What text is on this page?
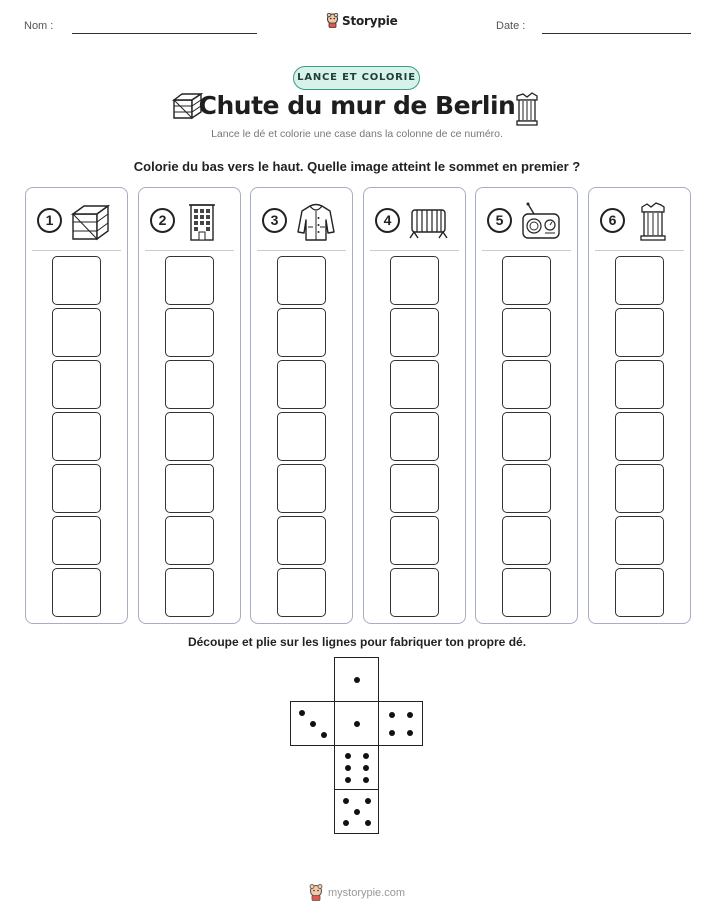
Nom :	Storypie	Date :
LANCE ET COLORIE
Chute du mur de Berlin
Lance le dé et colorie une case dans la colonne de ce numéro.
Colorie du bas vers le haut. Quelle image atteint le sommet en premier ?
1	2	3	4	5	6
Découpe et plie sur les lignes pour fabriquer ton propre dé.
mystorypie.com
